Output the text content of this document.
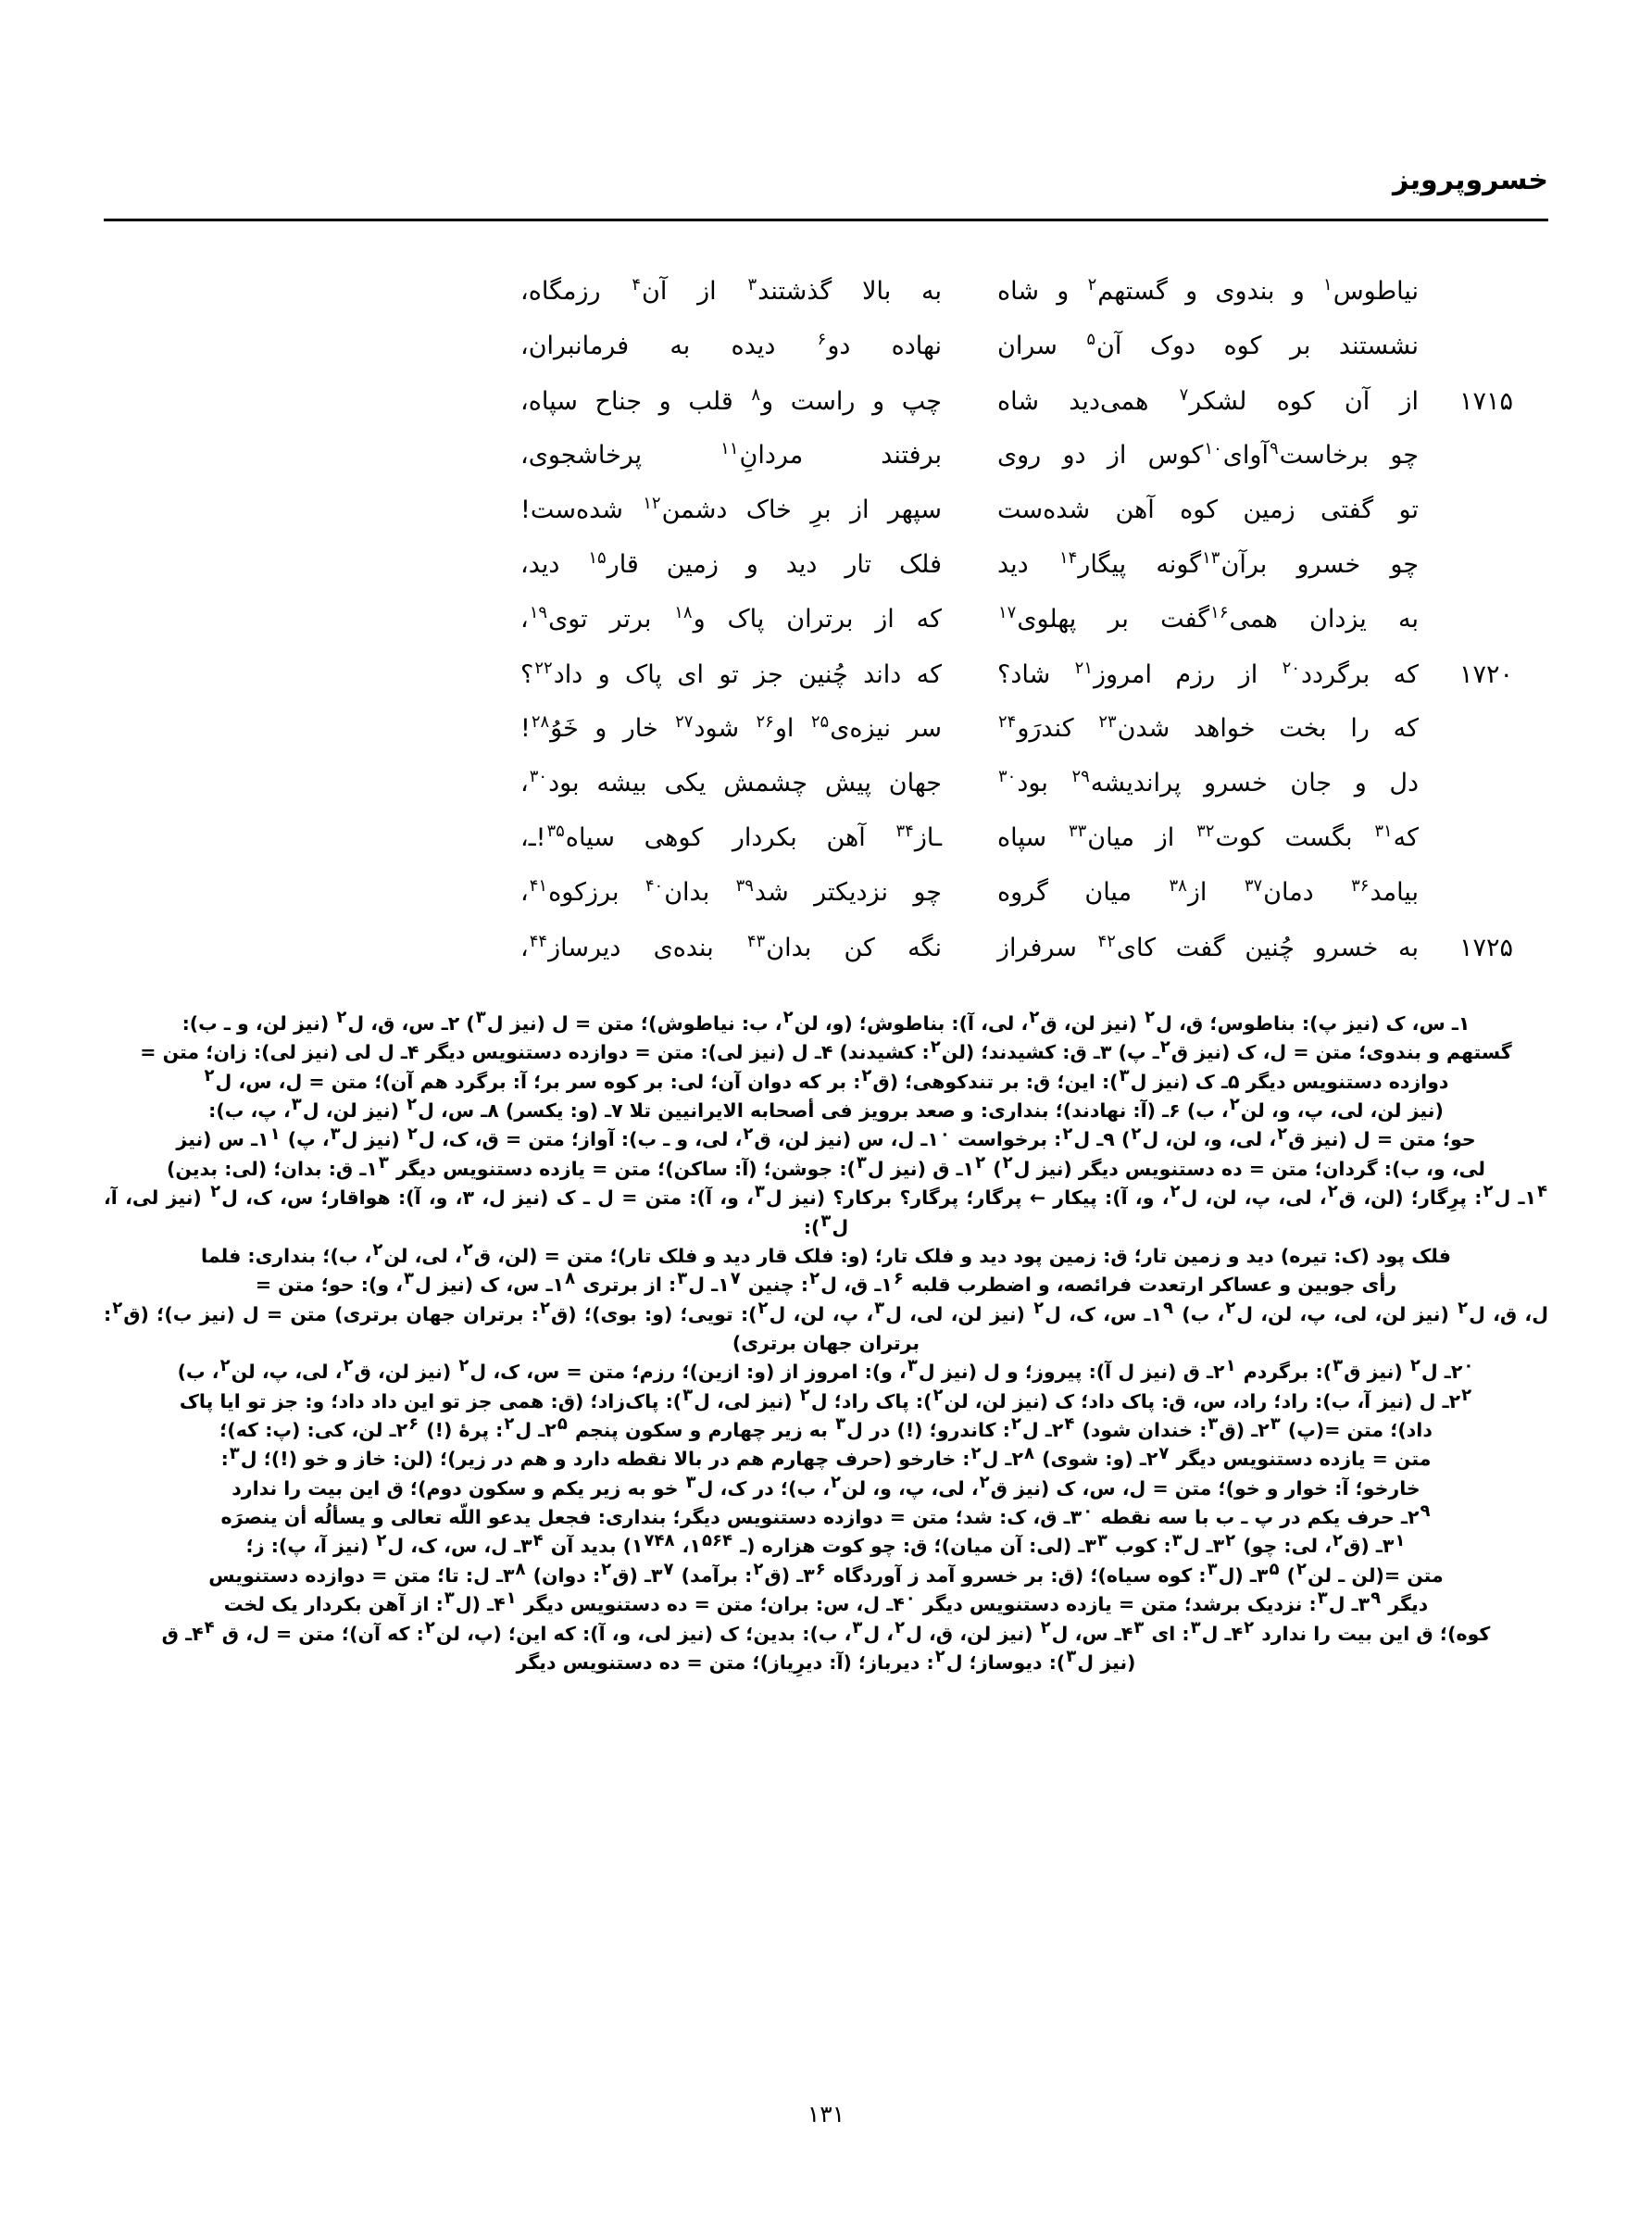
خسروپرویز
نیاطوس$^۱$ و بندوی و گستهم$^۲$ و شاه
به بالا گذشتند$^۳$ از آن$^۴$ رزمگاه،
نشستند بر کوه دوک آن$^۵$ سران
نهاده دو$^۶$ دیده به فرمانبران،
۱۷۱۵
از آن کوه لشکر$^۷$ همی‌دید شاه
چپ و راست و$^۸$ قلب و جناح سپاه،
چو برخاست$^۹$آوای$^{۱۰}$کوس از دو روی
برفتند مردانِ$^{۱۱}$ پرخاشجوی،
تو گفتی زمین کوه آهن شده‌ست
سپهر از برِ خاک دشمن$^{۱۲}$ شده‌ست!
چو خسرو برآن$^{۱۳}$گونه پیگار$^{۱۴}$ دید
فلک تار دید و زمین قار$^{۱۵}$ دید،
به یزدان همی$^{۱۶}$گفت بر پهلوی$^{۱۷}$
که از برتران پاک و$^{۱۸}$ برتر توی$^{۱۹}$،
۱۷۲۰
که برگردد$^{۲۰}$ از رزم امروز$^{۲۱}$ شاد؟
که داند چُنین جز تو ای پاک و داد$^{۲۲}$؟
که را بخت خواهد شدن$^{۲۳}$ کندرَو$^{۲۴}$
سر نیزه‌ی$^{۲۵}$ او$^{۲۶}$ شود$^{۲۷}$ خار و خَوُ$^{۲۸}$!
دل و جان خسرو پراندیشه$^{۲۹}$ بود$^{۳۰}$
جهان پیش چشمش یکی بیشه بود$^{۳۰}$،
که$^{۳۱}$ بگست کوت$^{۳۲}$ از میان$^{۳۳}$ سپاه
ـاز$^{۳۴}$ آهن بکردار کوهی سیاه$^{۳۵}$!ـ،
بیامد$^{۳۶}$ دمان$^{۳۷}$ از$^{۳۸}$ میان گروه
چو نزدیکتر شد$^{۳۹}$ بدان$^{۴۰}$ برزکوه$^{۴۱}$،
۱۷۲۵
به خسرو چُنین گفت کای$^{۴۲}$ سرفراز
نگه کن بدان$^{۴۳}$ بنده‌ی دیرساز$^{۴۴}$،

۱ـ س، ک (نیز پ): بناطوس؛ ق، ل$^۲$ (نیز لن، ق$^۲$، لی، آ): بناطوش؛ (و، لن$^۲$، ب: نیاطوش)؛ متن = ل (نیز ل$^۳$) ۲ـ س، ق، ل$^۲$ (نیز لن، و ـ ب):

گستهم و بندوی؛ متن = ل، ک (نیز ق$^۲$ـ پ) ۳ـ ق: کشیدند؛ (لن$^۲$: کشیدند) ۴ـ ل (نیز لی): متن = دوازده دستنویس دیگر ۴ـ ل لی (نیز لی): زان؛ متن =

دوازده دستنویس دیگر ۵ـ ک (نیز ل$^۳$): این؛ ق: بر تندکوهی؛ (ق$^۲$: بر که دوان آن؛ لی: بر کوه سر بر؛ آ: برگرد هم آن)؛ متن = ل، س، ل$^۲$

(نیز لن، لی، پ، و، لن$^۲$، ب) ۶ـ (آ: نهادند)؛ بنداری: و صعد برویز فی أصحابه الایرانیین تلا ۷ـ (و: یکسر) ۸ـ س، ل$^۲$ (نیز لن، ل$^۳$، پ، ب):

حو؛ متن = ل (نیز ق$^۲$، لی، و، لن، ل$^۲$) ۹ـ ل$^۲$: برخواست $۱^۰ـ$ ل، س (نیز لن، ق$^۲$، لی، و ـ ب): آواز؛ متن = ق، ک، ل$^۲$ (نیز ل$^۳$، پ) $۱^۱ـ$ س (نیز

لی، و، ب): گردان؛ متن = ده دستنویس دیگر (نیز ل$^۲$) $۱^۲ـ$ ق (نیز ل$^۳$): جوشن؛ (آ: ساکن)؛ متن = یازده دستنویس دیگر $۱^۳ـ$ ق: بدان؛ (لی: بدین)

$۱^۴ـ$ ل$^۲$: پرِگار؛ (لن، ق$^۲$، لی، پ، لن، ل$^۲$، و، آ): پیکار ← پرگار؛ پرگار؟ برکار؟ (نیز ل$^۳$، و، آ): متن = ل ـ ک (نیز ل، ۳، و، آ): هواقار؛ س، ک، ل$^۲$ (نیز لی، آ، ل$^۳$):

فلک پود (ک: تیره) دید و زمین تار؛ ق: زمین پود دید و فلک تار؛ (و: فلک قار دید و فلک تار)؛ متن = (لن، ق$^۲$، لی، لن$^۲$، ب)؛ بنداری: فلما

رأی جوبین و عساکر ارتعدت فرائصه، و اضطرب قلبه $۱^۶ـ$ ق، ل$^۲$: چنین $۱^۷ـ$ ل$^۳$: از برتری $۱^۸ـ$ س، ک (نیز ل$^۳$، و): حو؛ متن =

ل، ق، ل$^۲$ (نیز لن، لی، پ، لن، ل$^۲$، ب) $۱^۹ـ$ س، ک، ل$^۲$ (نیز لن، لی، ل$^۳$، پ، لن، ل$^۲$): تویی؛ (و: بوی)؛ (ق$^۲$: برتران جهان برتری) متن = ل (نیز ب)؛ (ق$^۲$: برتران جهان برتری)

$۲^۰ـ$ ل$^۲$ (نیز ق$^۳$): برگردم $۲^۱ـ$ ق (نیز ل آ): پیروز؛ و ل (نیز ل$^۳$، و): امروز از (و: ازین)؛ رزم؛ متن = س، ک، ل$^۲$ (نیز لن، ق$^۲$، لی، پ، لن$^۲$، ب)

$۲^۲ـ$ ل (نیز آ، ب): راد؛ راد، س، ق: پاک داد؛ ک (نیز لن، لن$^۲$): پاک راد؛ ل$^۲$ (نیز لی، ل$^۳$): پاک‌زاد؛ (ق: همی جز تو این داد داد؛ و: جز تو ایا پاک

داد)؛ متن =(پ) $۲^۳ـ$ (ق$^۳$: خندان شود) $۲^۴ـ$ ل$^۲$: کاندرو؛ (!) در ل$^۳$ به زیر چهارم و سکون پنجم $۲^۵ـ$ ل$^۲$: پرهٔ (!) $۲^۶ـ$ لن، کی: (پ: که)؛

متن = یازده دستنویس دیگر $۲^۷ـ$ (و: شوی) $۲^۸ـ$ ل$^۲$: خارخو (حرف چهارم هم در بالا نقطه دارد و هم در زیر)؛ (لن: خاز و خو (!)؛ ل$^۳$:

خارخو؛ آ: خوار و خو)؛ متن = ل، س، ک (نیز ق$^۲$، لی، پ، و، لن$^۲$، ب)؛ در ک، ل$^۳$ خو به زیر یکم و سکون دوم)؛ ق این بیت را ندارد

$۲^۹ـ$ حرف یکم در پ ـ ب با سه نقطه $۳^۰ـ$ ق، ک: شد؛ متن = دوازده دستنویس دیگر؛ بنداری: فجعل یدعو اللّه تعالی و یسألُه أن ینصرَه

$۳^۱ـ$ (ق$^۲$، لی: چو) $۳^۲ـ$ ل$^۳$: کوب $۳^۳ـ$ (لی: آن میان)؛ ق: چو کوت هزاره (ـ $۱^{۵۶۴}،$ $۱^{۷۴۸}$) بدید آن $۳^۴ـ$ ل، س، ک، ل$^۲$ (نیز آ، پ): ز؛

متن =(لن ـ لن$^۲$) $۳^۵ـ$ (ل$^۳$: کوه سیاه)؛ (ق: بر خسرو آمد ز آوردگاه $۳^۶ـ$ (ق$^۲$: برآمد) $۳^۷ـ$ (ق$^۲$: دوان) $۳^۸ـ$ ل: تا؛ متن = دوازده دستنویس

دیگر $۳^۹ـ$ ل$^۳$: نزدیک برشد؛ متن = یازده دستنویس دیگر $۴^۰ـ$ ل، س: بران؛ متن = ده دستنویس دیگر $۴^۱ـ$ (ل$^۳$: از آهن بکردار یک لخت

کوه)؛ ق این بیت را ندارد $۴^۲ـ$ ل$^۳$: ای $۴^۳ـ$ س، ل$^۲$ (نیز لن، ق، ل$^۲$، ل$^۳$، ب): بدین؛ ک (نیز لی، و، آ): که این؛ (پ، لن$^۲$: که آن)؛ متن = ل، ق $۴^۴ـ$ ق

(نیز ل$^۳$): دیوساز؛ ل$^۲$: دیرباز؛ (آ: دیرِیاز)؛ متن = ده دستنویس دیگر

۱۳۱
